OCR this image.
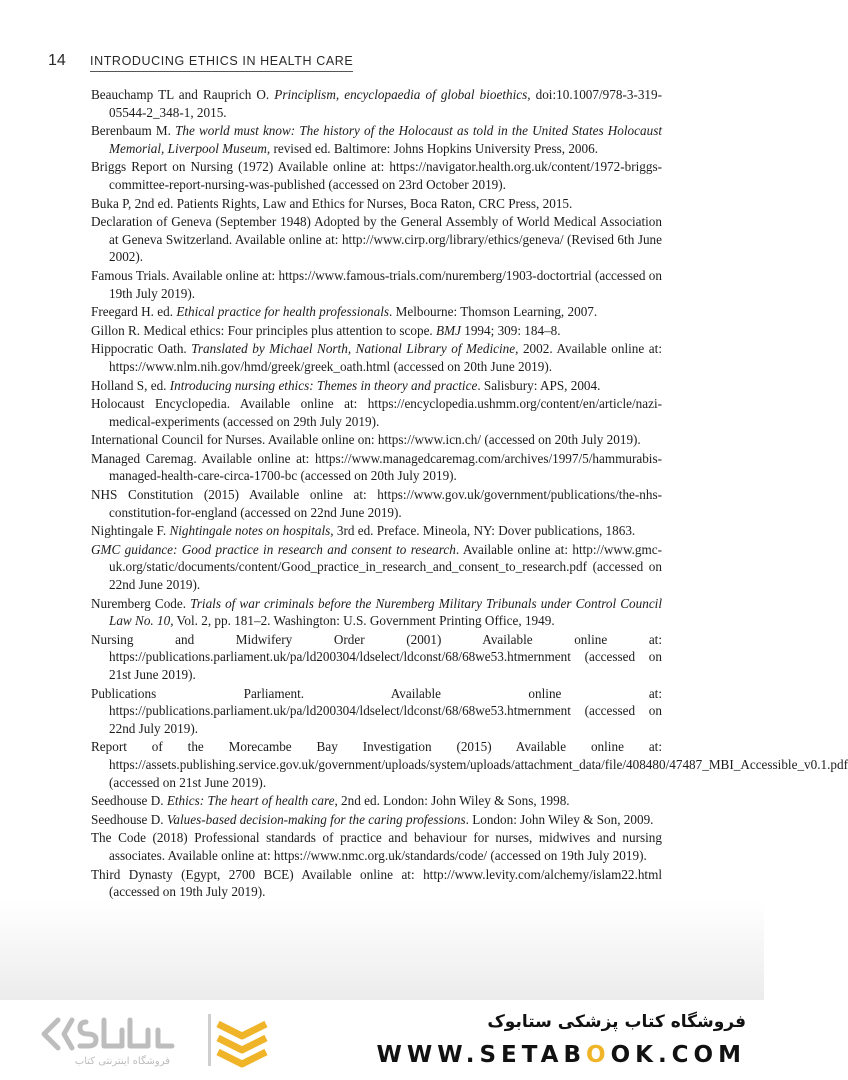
14 INTRODUCING ETHICS IN HEALTH CARE
Beauchamp TL and Rauprich O. Principlism, encyclopaedia of global bioethics, doi:10.1007/978-3-319-05544-2_348-1, 2015.
Berenbaum M. The world must know: The history of the Holocaust as told in the United States Holocaust Memorial, Liverpool Museum, revised ed. Baltimore: Johns Hopkins University Press, 2006.
Briggs Report on Nursing (1972) Available online at: https://navigator.health.org.uk/content/1972-briggs-committee-report-nursing-was-published (accessed on 23rd October 2019).
Buka P, 2nd ed. Patients Rights, Law and Ethics for Nurses, Boca Raton, CRC Press, 2015.
Declaration of Geneva (September 1948) Adopted by the General Assembly of World Medical Association at Geneva Switzerland. Available online at: http://www.cirp.org/library/ethics/geneva/ (Revised 6th June 2002).
Famous Trials. Available online at: https://www.famous-trials.com/nuremberg/1903-doctortrial (accessed on 19th July 2019).
Freegard H. ed. Ethical practice for health professionals. Melbourne: Thomson Learning, 2007.
Gillon R. Medical ethics: Four principles plus attention to scope. BMJ 1994; 309: 184–8.
Hippocratic Oath. Translated by Michael North, National Library of Medicine, 2002. Available online at: https://www.nlm.nih.gov/hmd/greek/greek_oath.html (accessed on 20th June 2019).
Holland S, ed. Introducing nursing ethics: Themes in theory and practice. Salisbury: APS, 2004.
Holocaust Encyclopedia. Available online at: https://encyclopedia.ushmm.org/content/en/article/nazi-medical-experiments (accessed on 29th July 2019).
International Council for Nurses. Available online on: https://www.icn.ch/ (accessed on 20th July 2019).
Managed Caremag. Available online at: https://www.managedcaremag.com/archives/1997/5/hammurabis-managed-health-care-circa-1700-bc (accessed on 20th July 2019).
NHS Constitution (2015) Available online at: https://www.gov.uk/government/publications/the-nhs-constitution-for-england (accessed on 22nd June 2019).
Nightingale F. Nightingale notes on hospitals, 3rd ed. Preface. Mineola, NY: Dover publications, 1863.
GMC guidance: Good practice in research and consent to research. Available online at: http://www.gmc-uk.org/static/documents/content/Good_practice_in_research_and_consent_to_research.pdf (accessed on 22nd June 2019).
Nuremberg Code. Trials of war criminals before the Nuremberg Military Tribunals under Control Council Law No. 10, Vol. 2, pp. 181–2. Washington: U.S. Government Printing Office, 1949.
Nursing and Midwifery Order (2001) Available online at: https://publications.parliament.uk/pa/ld200304/ldselect/ldconst/68/68we53.htmernment (accessed on 21st June 2019).
Publications Parliament. Available online at: https://publications.parliament.uk/pa/ld200304/ldselect/ldconst/68/68we53.htmernment (accessed on 22nd July 2019).
Report of the Morecambe Bay Investigation (2015) Available online at: https://assets.publishing.service.gov.uk/government/uploads/system/uploads/attachment_data/file/408480/47487_MBI_Accessible_v0.1.pdf (accessed on 21st June 2019).
Seedhouse D. Ethics: The heart of health care, 2nd ed. London: John Wiley & Sons, 1998.
Seedhouse D. Values-based decision-making for the caring professions. London: John Wiley & Son, 2009.
The Code (2018) Professional standards of practice and behaviour for nurses, midwives and nursing associates. Available online at: https://www.nmc.org.uk/standards/code/ (accessed on 19th July 2019).
Third Dynasty (Egypt, 2700 BCE) Available online at: http://www.levity.com/alchemy/islam22.html (accessed on 19th July 2019).
فروشگاه اینترنتی کتاب
فروشگاه کتاب پزشکی ستابوک
WWW.SETABOOK.COM
